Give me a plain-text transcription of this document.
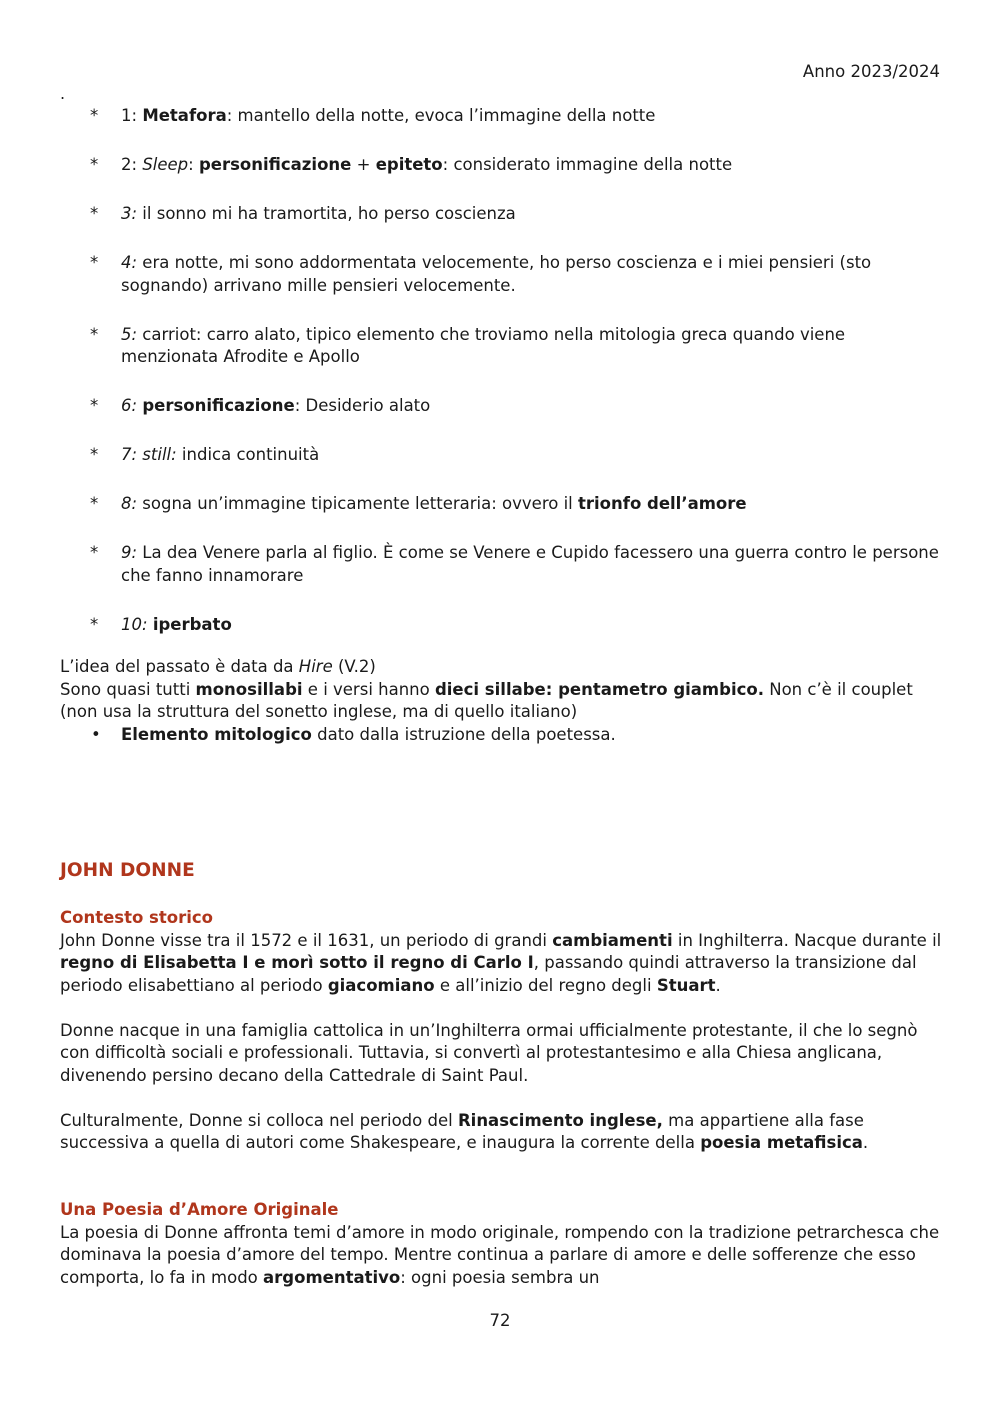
Anno 2023/2024
.
* 1: Metafora: mantello della notte, evoca l’immagine della notte
* 2: Sleep: personificazione + epiteto: considerato immagine della notte
* 3: il sonno mi ha tramortita, ho perso coscienza
* 4: era notte, mi sono addormentata velocemente, ho perso coscienza e i miei pensieri (sto sognando) arrivano mille pensieri velocemente.
* 5: carriot: carro alato, tipico elemento che troviamo nella mitologia greca quando viene menzionata Afrodite e Apollo
* 6: personificazione: Desiderio alato
* 7: still: indica continuità
* 8: sogna un’immagine tipicamente letteraria: ovvero il trionfo dell’amore
* 9: La dea Venere parla al figlio. È come se Venere e Cupido facessero una guerra contro le persone che fanno innamorare
* 10: iperbato

L’idea del passato è data da Hire (V.2)

Sono quasi tutti monosillabi e i versi hanno dieci sillabe: pentametro giambico. Non c’è il couplet (non usa la struttura del sonetto inglese, ma di quello italiano)

• Elemento mitologico dato dalla istruzione della poetessa.

JOHN DONNE
Contesto storico

John Donne visse tra il 1572 e il 1631, un periodo di grandi cambiamenti in Inghilterra. Nacque durante il regno di Elisabetta I e morì sotto il regno di Carlo I, passando quindi attraverso la transizione dal periodo elisabettiano al periodo giacomiano e all’inizio del regno degli Stuart.

Donne nacque in una famiglia cattolica in un’Inghilterra ormai ufficialmente protestante, il che lo segnò con difficoltà sociali e professionali. Tuttavia, si convertì al protestantesimo e alla Chiesa anglicana, divenendo persino decano della Cattedrale di Saint Paul.

Culturalmente, Donne si colloca nel periodo del Rinascimento inglese, ma appartiene alla fase successiva a quella di autori come Shakespeare, e inaugura la corrente della poesia metafisica.

Una Poesia d’Amore Originale

La poesia di Donne affronta temi d’amore in modo originale, rompendo con la tradizione petrarchesca che dominava la poesia d’amore del tempo. Mentre continua a parlare di amore e delle sofferenze che esso comporta, lo fa in modo argomentativo: ogni poesia sembra un

72
